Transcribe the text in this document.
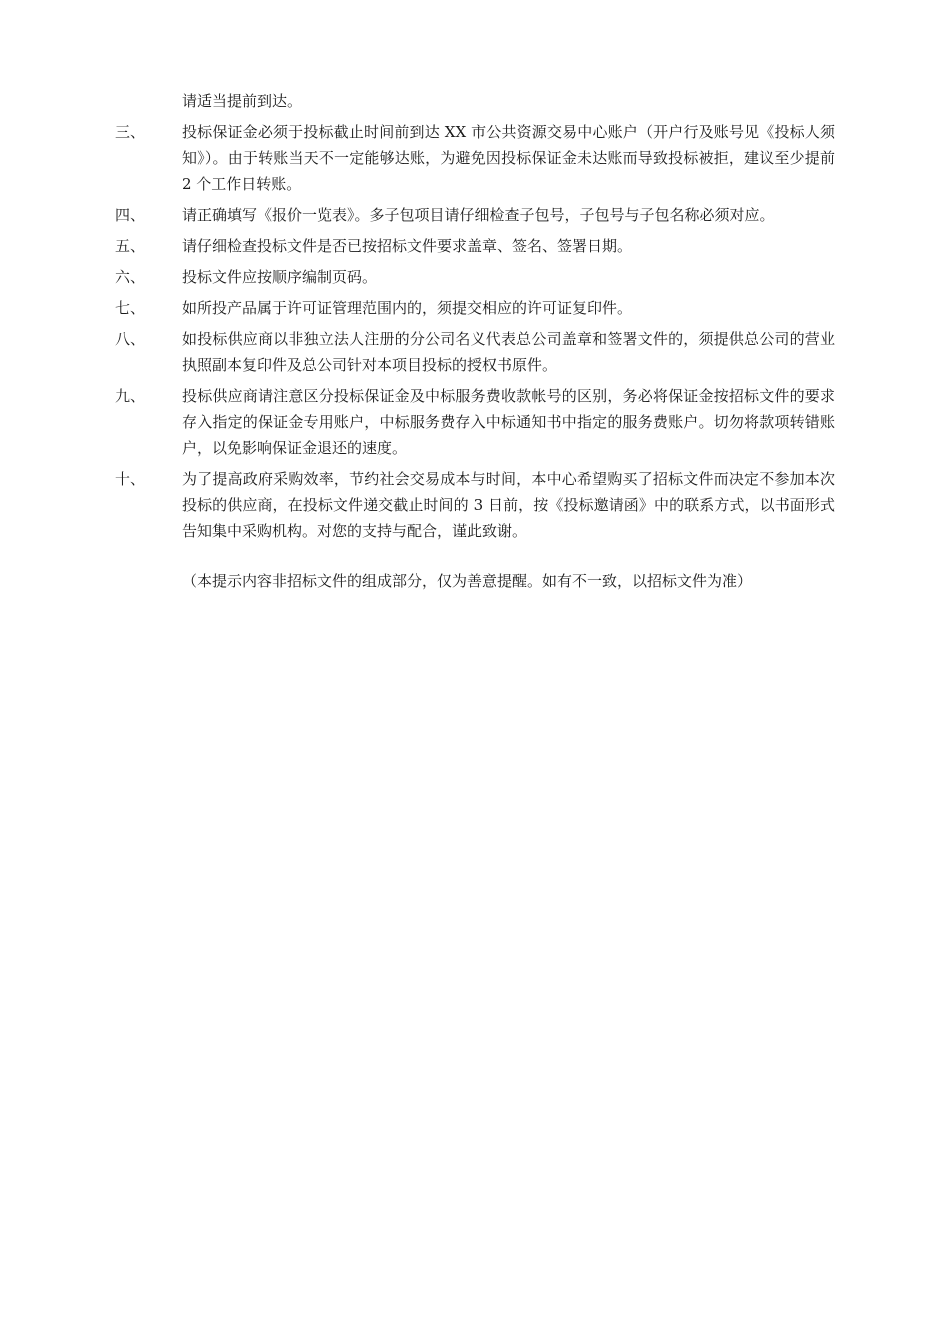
请适当提前到达。
三、	投标保证金必须于投标截止时间前到达 XX 市公共资源交易中心账户（开户行及账号见《投标人须知》）。由于转账当天不一定能够达账，为避免因投标保证金未达账而导致投标被拒，建议至少提前 2 个工作日转账。
四、	请正确填写《报价一览表》。多子包项目请仔细检查子包号，子包号与子包名称必须对应。
五、	请仔细检查投标文件是否已按招标文件要求盖章、签名、签署日期。
六、	投标文件应按顺序编制页码。
七、	如所投产品属于许可证管理范围内的，须提交相应的许可证复印件。
八、	如投标供应商以非独立法人注册的分公司名义代表总公司盖章和签署文件的，须提供总公司的营业执照副本复印件及总公司针对本项目投标的授权书原件。
九、	投标供应商请注意区分投标保证金及中标服务费收款帐号的区别，务必将保证金按招标文件的要求存入指定的保证金专用账户，中标服务费存入中标通知书中指定的服务费账户。切勿将款项转错账户，以免影响保证金退还的速度。
十、	为了提高政府采购效率，节约社会交易成本与时间，本中心希望购买了招标文件而决定不参加本次投标的供应商，在投标文件递交截止时间的 3 日前，按《投标邀请函》中的联系方式，以书面形式告知集中采购机构。对您的支持与配合，谨此致谢。
（本提示内容非招标文件的组成部分，仅为善意提醒。如有不一致，以招标文件为准）
